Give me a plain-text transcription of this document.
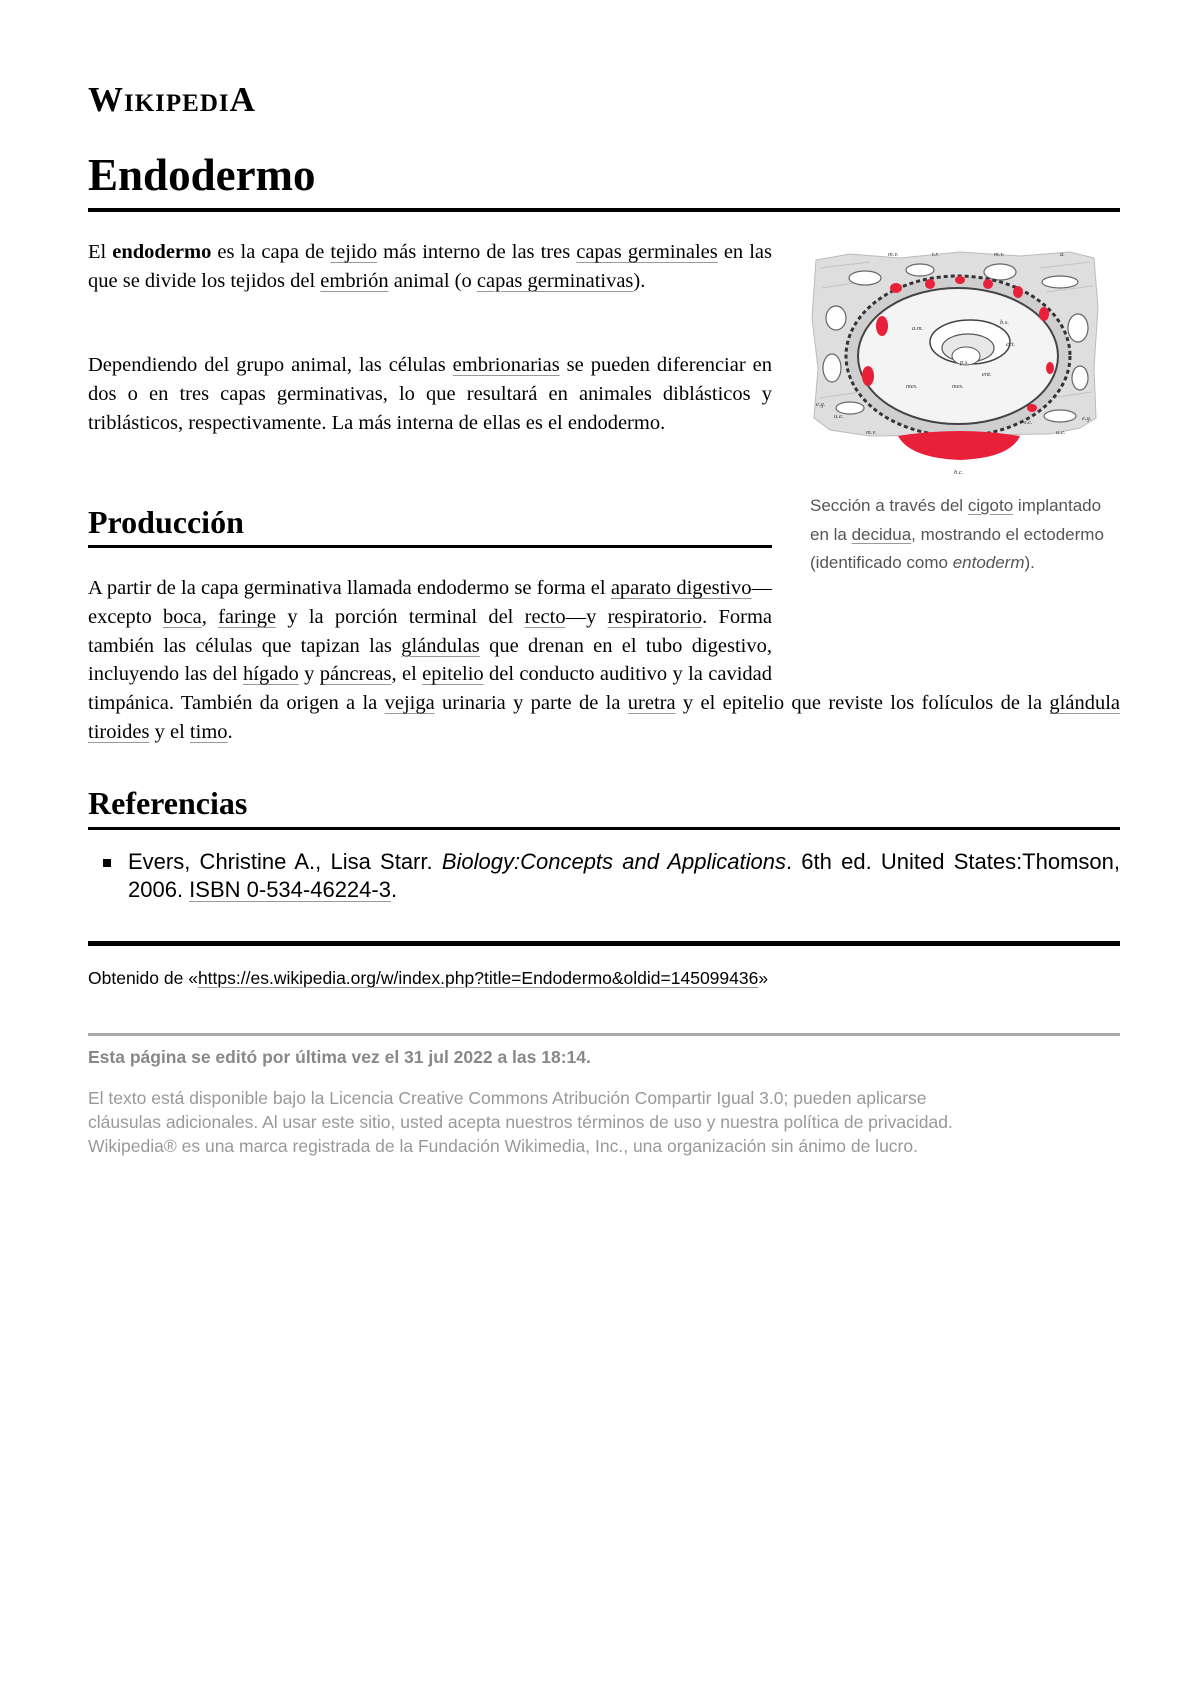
WIKIPEDIA
Endodermo

El endodermo es la capa de tejido más interno de las tres capas germinales en las que se divide los tejidos del embrión animal (o capas germinativas).

Dependiendo del grupo animal, las células embrionarias se pueden diferenciar en dos o en tres capas germinativas, lo que resultará en animales diblásticos y triblásticos, respectivamente. La más interna de ellas es el endodermo.

m.v.	t.r.	m.v.	a.
a.m.
b.s.
ect.
p.s.
ent.
mes.	mes.
e.g.
u.e.
m.v.
s.c.
e.g.
u.e.
b.c.
Sección a través del cigoto implantado en la decidua, mostrando el ectodermo (identificado como entoderm).
Producción

A partir de la capa germinativa llamada endodermo se forma el aparato digestivo—excepto boca, faringe y la porción terminal del recto—y respiratorio. Forma también las células que tapizan las glándulas que drenan en el tubo digestivo, incluyendo las del hígado y páncreas, el epitelio del conducto auditivo y la cavidad timpánica. También da origen a la vejiga urinaria y parte de la uretra y el epitelio que reviste los folículos de la glándula tiroides y el timo.

Referencias
Evers, Christine A., Lisa Starr. Biology:Concepts and Applications. 6th ed. United States:Thomson, 2006. ISBN 0-534-46224-3.
Obtenido de «https://es.wikipedia.org/w/index.php?title=Endodermo&oldid=145099436»
Esta página se editó por última vez el 31 jul 2022 a las 18:14.
El texto está disponible bajo la Licencia Creative Commons Atribución Compartir Igual 3.0; pueden aplicarse
cláusulas adicionales. Al usar este sitio, usted acepta nuestros términos de uso y nuestra política de privacidad.
Wikipedia® es una marca registrada de la Fundación Wikimedia, Inc., una organización sin ánimo de lucro.
